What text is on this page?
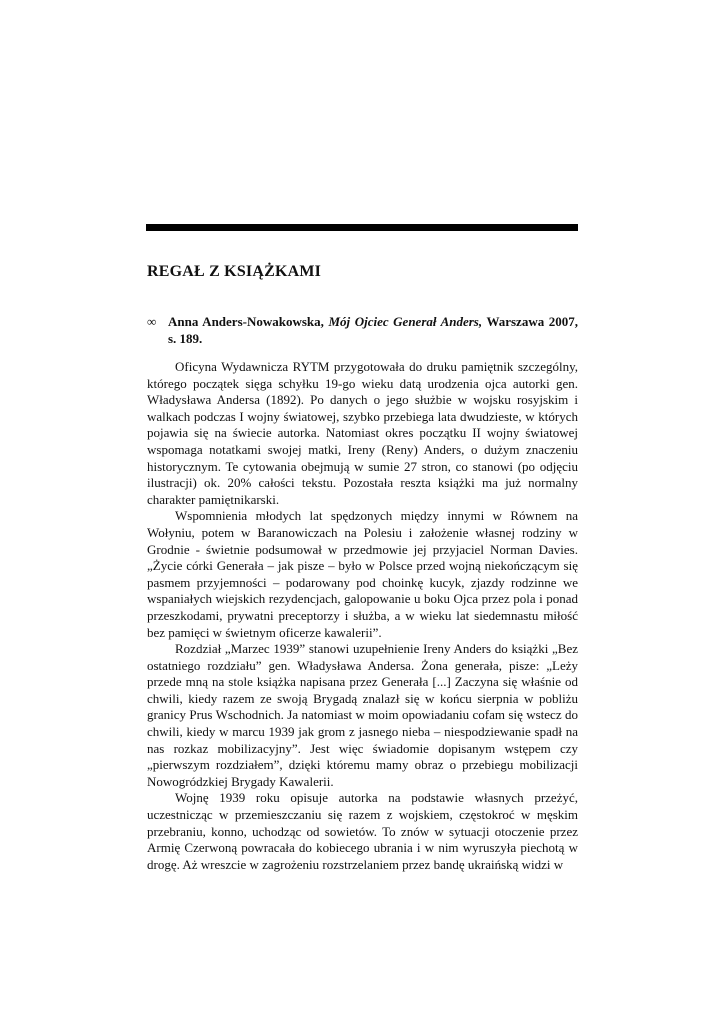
REGAŁ Z KSIĄŻKAMI
∞ Anna Anders-Nowakowska, Mój Ojciec Generał Anders, Warszawa 2007, s. 189.

Oficyna Wydawnicza RYTM przygotowała do druku pamiętnik szczególny, którego początek sięga schyłku 19-go wieku datą urodzenia ojca autorki gen. Władysława Andersa (1892). Po danych o jego służbie w wojsku rosyjskim i walkach podczas I wojny światowej, szybko przebiega lata dwudzieste, w których pojawia się na świecie autorka. Natomiast okres początku II wojny światowej wspomaga notatkami swojej matki, Ireny (Reny) Anders, o dużym znaczeniu historycznym. Te cytowania obejmują w sumie 27 stron, co stanowi (po odjęciu ilustracji) ok. 20% całości tekstu. Pozostała reszta książki ma już normalny charakter pamiętnikarski.

Wspomnienia młodych lat spędzonych między innymi w Równem na Wołyniu, potem w Baranowiczach na Polesiu i założenie własnej rodziny w Grodnie - świetnie podsumował w przedmowie jej przyjaciel Norman Davies. „Życie córki Generała – jak pisze – było w Polsce przed wojną niekończącym się pasmem przyjemności – podarowany pod choinkę kucyk, zjazdy rodzinne we wspaniałych wiejskich rezydencjach, galopowanie u boku Ojca przez pola i ponad przeszkodami, prywatni preceptorzy i służba, a w wieku lat siedemnastu miłość bez pamięci w świetnym oficerze kawalerii”.

Rozdział „Marzec 1939” stanowi uzupełnienie Ireny Anders do książki „Bez ostatniego rozdziału” gen. Władysława Andersa. Żona generała, pisze: „Leży przede mną na stole książka napisana przez Generała [...] Zaczyna się właśnie od chwili, kiedy razem ze swoją Brygadą znalazł się w końcu sierpnia w pobliżu granicy Prus Wschodnich. Ja natomiast w moim opowiadaniu cofam się wstecz do chwili, kiedy w marcu 1939 jak grom z jasnego nieba – niespodziewanie spadł na nas rozkaz mobilizacyjny”. Jest więc świadomie dopisanym wstępem czy „pierwszym rozdziałem”, dzięki któremu mamy obraz o przebiegu mobilizacji Nowogródzkiej Brygady Kawalerii.

Wojnę 1939 roku opisuje autorka na podstawie własnych przeżyć, uczestnicząc w przemieszczaniu się razem z wojskiem, częstokroć w męskim przebraniu, konno, uchodząc od sowietów. To znów w sytuacji otoczenie przez Armię Czerwoną powracała do kobiecego ubrania i w nim wyruszyła piechotą w drogę. Aż wreszcie w zagrożeniu rozstrzelaniem przez bandę ukraińską widzi w
